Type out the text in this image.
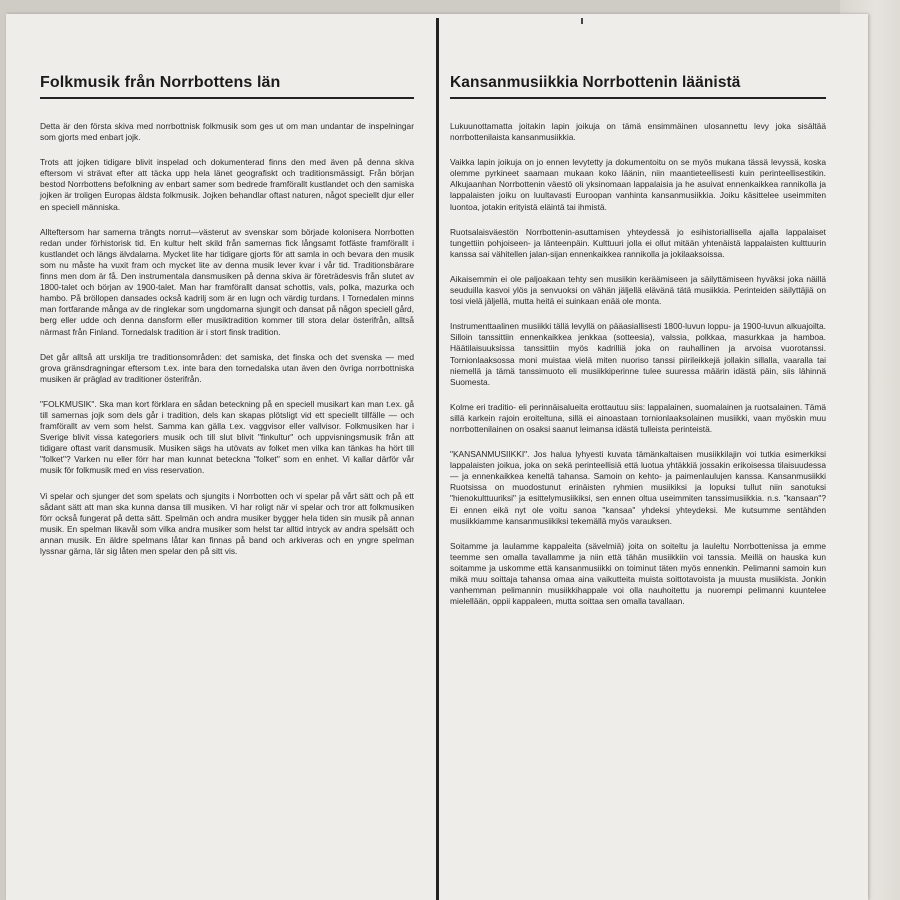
Folkmusik från Norrbottens län

Detta är den första skiva med norrbottnisk folkmusik som ges ut om man undantar de inspelningar som gjorts med enbart jojk.

Trots att jojken tidigare blivit inspelad och dokumenterad finns den med även på denna skiva eftersom vi strävat efter att täcka upp hela länet geografiskt och traditionsmässigt. Från början bestod Norrbottens befolkning av enbart samer som bedrede framförallt kustlandet och den samiska jojken är troligen Europas äldsta folkmusik. Jojken behandlar oftast naturen, något speciellt djur eller en speciell människa.

Allteftersom har samerna trängts norrut—västerut av svenskar som började kolonisera Norrbotten redan under förhistorisk tid. En kultur helt skild från samernas fick långsamt fotfäste framförallt i kustlandet och längs älvdalarna. Mycket lite har tidigare gjorts för att samla in och bevara den musik som nu måste ha vuxit fram och mycket lite av denna musik lever kvar i vår tid. Traditionsbärare finns men dom är få. Den instrumentala dansmusiken på denna skiva är företrädesvis från slutet av 1800-talet och början av 1900-talet. Man har framförallt dansat schottis, vals, polka, mazurka och hambo. På bröllopen dansades också kadrilj som är en lugn och värdig turdans. I Tornedalen minns man fortfarande många av de ringlekar som ungdomarna sjungit och dansat på någon speciell gård, berg eller udde och denna dansform eller musiktradition kommer till stora delar österifrån, alltså närmast från Finland. Tornedalsk tradition är i stort finsk tradition.

Det går alltså att urskilja tre traditionsområden: det samiska, det finska och det svenska — med grova gränsdragningar eftersom t.ex. inte bara den tornedalska utan även den övriga norrbottniska musiken är präglad av traditioner österifrån.

"FOLKMUSIK". Ska man kort förklara en sådan beteckning på en speciell musikart kan man t.ex. gå till samernas jojk som dels går i tradition, dels kan skapas plötsligt vid ett speciellt tillfälle — och framförallt av vem som helst. Samma kan gälla t.ex. vaggvisor eller vallvisor. Folkmusiken har i Sverige blivit vissa kategoriers musik och till slut blivit "finkultur" och uppvisningsmusik från att tidigare oftast varit dansmusik. Musiken sägs ha utövats av folket men vilka kan tänkas ha hört till "folket"? Varken nu eller förr har man kunnat beteckna "folket" som en enhet. Vi kallar därför vår musik för folkmusik med en viss reservation.

Vi spelar och sjunger det som spelats och sjungits i Norrbotten och vi spelar på vårt sätt och på ett sådant sätt att man ska kunna dansa till musiken. Vi har roligt när vi spelar och tror att folkmusiken förr också fungerat på detta sätt. Spelmän och andra musiker bygger hela tiden sin musik på annan musik. En spelman likavål som vilka andra musiker som helst tar alltid intryck av andra spelsätt och annan musik. En äldre spelmans låtar kan finnas på band och arkiveras och en yngre spelman lyssnar gärna, lär sig låten men spelar den på sitt vis.

Kansanmusiikkia Norrbottenin läänistä

Lukuunottamatta joitakin lapin joikuja on tämä ensimmäinen ulosannettu levy joka sisältää norrbottenilaista kansanmusiikkia.

Vaikka lapin joikuja on jo ennen levytetty ja dokumentoitu on se myös mukana tässä levyssä, koska olemme pyrkineet saamaan mukaan koko läänin, niin maantieteellisesti kuin perinteellisestikin. Alkujaanhan Norrbottenin väestö oli yksinomaan lappalaisia ja he asuivat ennenkaikkea rannikolla ja lappalaisten joiku on luultavasti Euroopan vanhinta kansanmusiikkia. Joiku käsittelee useimmiten luontoa, jotakin erityistä eläintä tai ihmistä.

Ruotsalaisväestön Norrbottenin-asuttamisen yhteydessä jo esihistoriallisella ajalla lappalaiset tungettiin pohjoiseen- ja länteenpäin. Kulttuuri jolla ei ollut mitään yhtenäistä lappalaisten kulttuurin kanssa sai vähitellen jalan-sijan ennenkaikkea rannikolla ja jokilaaksoissa.

Aikaisemmin ei ole paljoakaan tehty sen musiikin keräämiseen ja säilyttämiseen hyväksi joka näillä seuduilla kasvoi ylös ja senvuoksi on vähän jäljellä elävänä tätä musiikkia. Perinteiden säilyttäjiä on tosi vielä jäljellä, mutta heitä ei suinkaan enää ole monta.

Instrumenttaalinen musiikki tällä levyllä on pääasiallisesti 1800-luvun loppu- ja 1900-luvun alkuajoilta. Silloin tanssittiin ennenkaikkea jenkkaa (sotteesia), valssia, polkkaa, masurkkaa ja hamboa. Häätilaisuuksissa tanssittiin myös kadrilliä joka on rauhallinen ja arvoisa vuorotanssi. Tornionlaaksossa moni muistaa vielä miten nuoriso tanssi piirileikkejä jollakin sillalla, vaaralla tai niemellä ja tämä tanssimuoto eli musiikkiperinne tulee suuressa määrin idästä päin, siis lähinnä Suomesta.

Kolme eri traditio- eli perinnäisalueita erottautuu siis: lappalainen, suomalainen ja ruotsalainen. Tämä sillä karkein rajoin eroiteltuna, sillä ei ainoastaan tornionlaaksolainen musiikki, vaan myöskin muu norrbottenilainen on osaksi saanut leimansa idästä tulleista perinteistä.

"KANSANMUSIIKKI". Jos halua lyhyesti kuvata tämänkaltaisen musiikkilajin voi tutkia esimerkiksi lappalaisten joikua, joka on sekä perinteellisiä että luotua yhtäkkiä jossakin erikoisessa tilaisuudessa — ja ennenkaikkea keneltä tahansa. Samoin on kehto- ja paimenlaulujen kanssa. Kansanmusiikki Ruotsissa on muodostunut erinäisten ryhmien musiikiksi ja lopuksi tullut niin sanotuksi "hienokulttuuriksi" ja esittelymusiikiksi, sen ennen oltua useimmiten tanssimusiikkia. n.s. "kansaan"? Ei ennen eikä nyt ole voitu sanoa "kansaa" yhdeksi yhteydeksi. Me kutsumme sentähden musiikkiamme kansanmusiikiksi tekemällä myös varauksen.

Soitamme ja laulamme kappaleita (sävelmiä) joita on soiteltu ja lauleltu Norrbottenissa ja emme teemme sen omalla tavallamme ja niin että tähän musiikkiin voi tanssia. Meillä on hauska kun soitamme ja uskomme että kansanmusiikki on toiminut täten myös ennenkin. Pelimanni samoin kun mikä muu soittaja tahansa omaa aina vaikutteita muista soittotavoista ja muusta musiikista. Jonkin vanhemman pelimannin musiikkihappale voi olla nauhoitettu ja nuorempi pelimanni kuuntelee mielellään, oppii kappaleen, mutta soittaa sen omalla tavallaan.
